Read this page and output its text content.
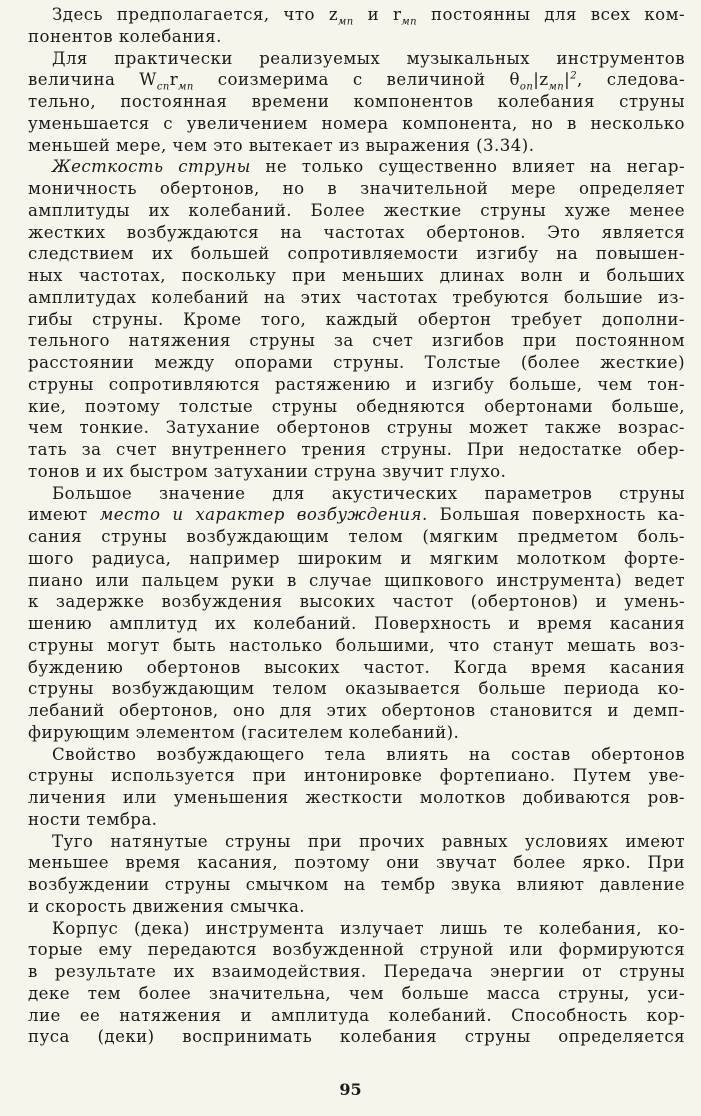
Здесь предполагается, что $z_{мп}$ и $r_{мп}$ постоянны для всех ком-
понентов колебания.
Для практически реализуемых музыкальных инструментов
величина $W_{cп}r_{мп}$ соизмерима с величиной $\theta_{оп}|z_{мп}|^2$, следова-
тельно, постоянная времени компонентов колебания струны
уменьшается с увеличением номера компонента, но в несколько
меньшей мере, чем это вытекает из выражения (3.34).
Жесткость струны не только существенно влияет на негар-
моничность обертонов, но в значительной мере определяет
амплитуды их колебаний. Более жесткие струны хуже менее
жестких возбуждаются на частотах обертонов. Это является
следствием их большей сопротивляемости изгибу на повышен-
ных частотах, поскольку при меньших длинах волн и больших
амплитудах колебаний на этих частотах требуются большие из-
гибы струны. Кроме того, каждый обертон требует дополни-
тельного натяжения струны за счет изгибов при постоянном
расстоянии между опорами струны. Толстые (более жесткие)
струны сопротивляются растяжению и изгибу больше, чем тон-
кие, поэтому толстые струны обедняются обертонами больше,
чем тонкие. Затухание обертонов струны может также возрас-
тать за счет внутреннего трения струны. При недостатке обер-
тонов и их быстром затухании струна звучит глухо.
Большое значение для акустических параметров струны
имеют место и характер возбуждения. Большая поверхность ка-
сания струны возбуждающим телом (мягким предметом боль-
шого радиуса, например широким и мягким молотком форте-
пиано или пальцем руки в случае щипкового инструмента) ведет
к задержке возбуждения высоких частот (обертонов) и умень-
шению амплитуд их колебаний. Поверхность и время касания
струны могут быть настолько большими, что станут мешать воз-
буждению обертонов высоких частот. Когда время касания
струны возбуждающим телом оказывается больше периода ко-
лебаний обертонов, оно для этих обертонов становится и демп-
фирующим элементом (гасителем колебаний).
Свойство возбуждающего тела влиять на состав обертонов
струны используется при интонировке фортепиано. Путем уве-
личения или уменьшения жесткости молотков добиваются ров-
ности тембра.
Туго натянутые струны при прочих равных условиях имеют
меньшее время касания, поэтому они звучат более ярко. При
возбуждении струны смычком на тембр звука влияют давление
и скорость движения смычка.
Корпус (дека) инструмента излучает лишь те колебания, ко-
торые ему передаются возбужденной струной или формируются
в результате их взаимодействия. Передача энергии от струны
деке тем более значительна, чем больше масса струны, уси-
лие ее натяжения и амплитуда колебаний. Способность кор-
пуса (деки) воспринимать колебания струны определяется
95
